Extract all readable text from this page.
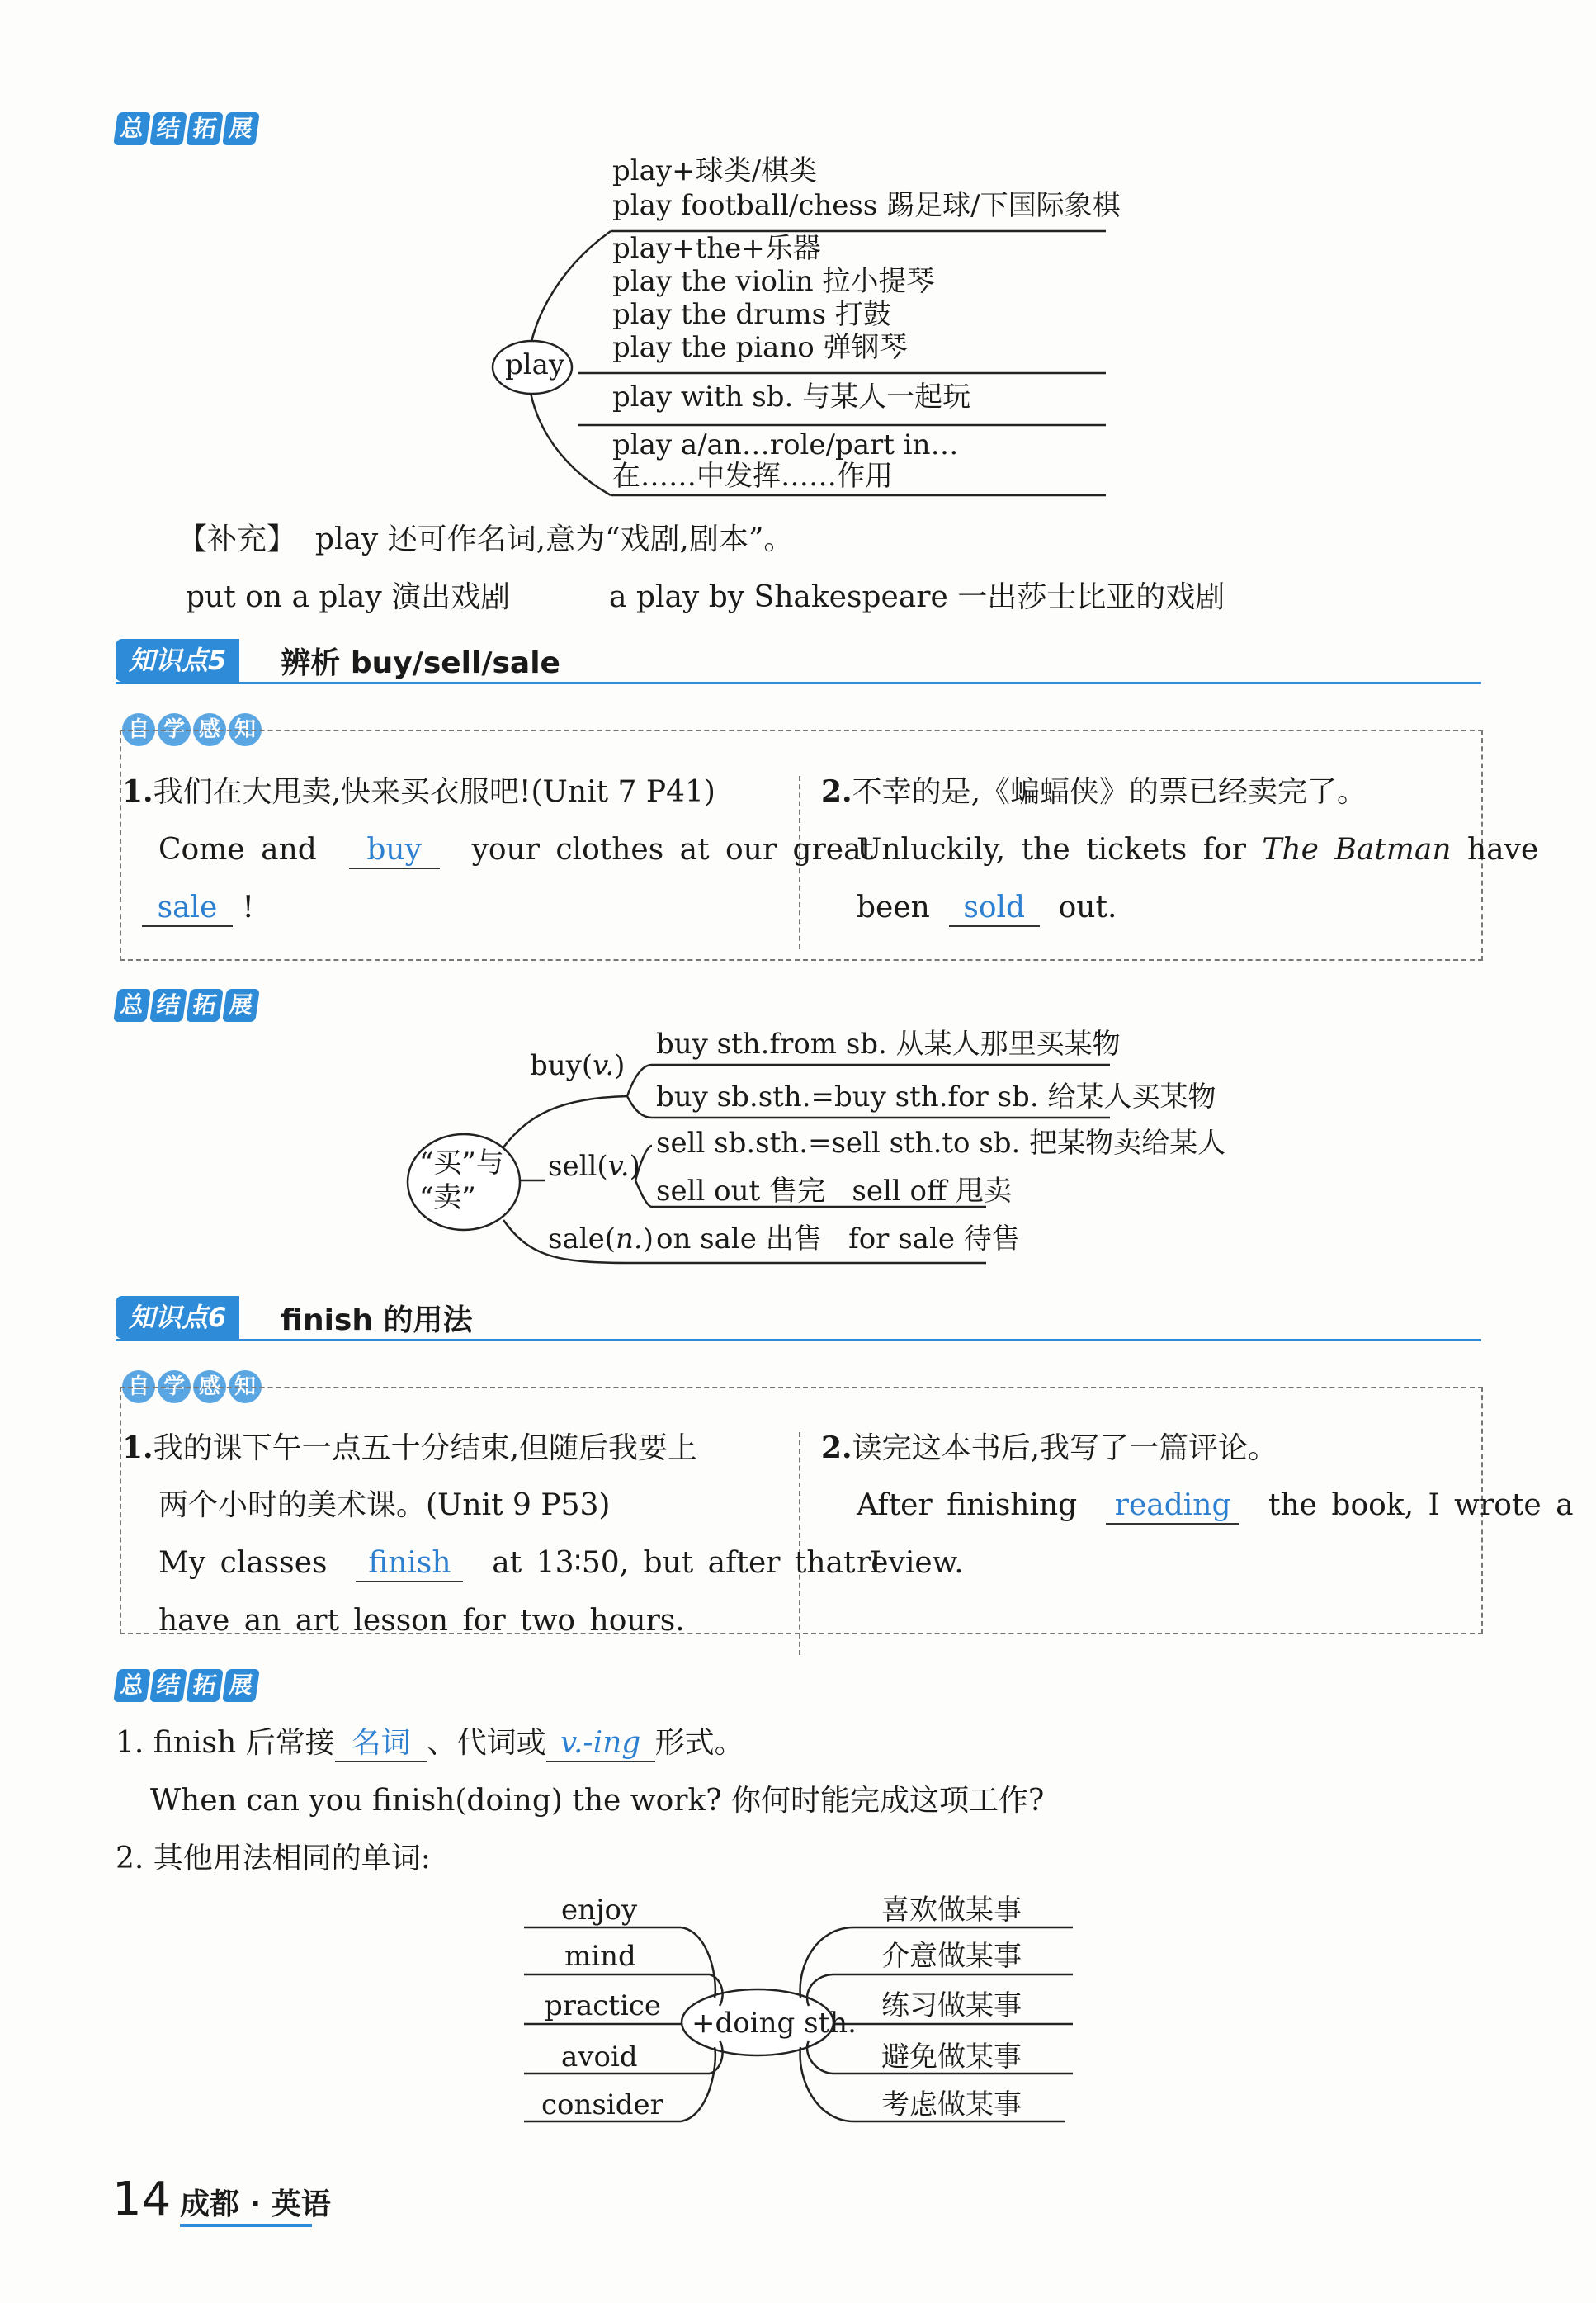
总 结 拓 展
play
play+球类/棋类
play football/chess 踢足球/下国际象棋
play+the+乐器
play the violin 拉小提琴
play the drums 打鼓
play the piano 弹钢琴
play with sb. 与某人一起玩
play a/an…role/part in…
在……中发挥……作用
【补充】 play 还可作名词,意为“戏剧,剧本”。
put on a play 演出戏剧	a play by Shakespeare 一出莎士比亚的戏剧
知识点5	辨析 buy/sell/sale
自 学 感 知
1.我们在大甩卖,快来买衣服吧!(Unit 7 P41)
Come and buy your clothes at our great
sale !
2.不幸的是,《蝙蝠侠》的票已经卖完了。
Unluckily, the tickets for The Batman have
been sold out.
总 结 拓 展
“买”与
“卖”
buy(v.)
buy sth.from sb. 从某人那里买某物
buy sb.sth.=buy sth.for sb. 给某人买某物
sell(v.)
sell sb.sth.=sell sth.to sb. 把某物卖给某人
sell out 售完   sell off 甩卖
sale(n.) on sale 出售   for sale 待售
知识点6	finish 的用法
自 学 感 知
1.我的课下午一点五十分结束,但随后我要上
两个小时的美术课。(Unit 9 P53)
My classes finish at 13∶50, but after that I
have an art lesson for two hours.
2.读完这本书后,我写了一篇评论。
After finishing reading the book, I wrote a
review.
总 结 拓 展
1. finish 后常接 名词 、代词或 v.-ing 形式。
When can you finish(doing) the work? 你何时能完成这项工作?
2. 其他用法相同的单词:
+doing sth.
enjoy
mind
practice
avoid
consider
喜欢做某事
介意做某事
练习做某事
避免做某事
考虑做某事
14 成都 · 英语
